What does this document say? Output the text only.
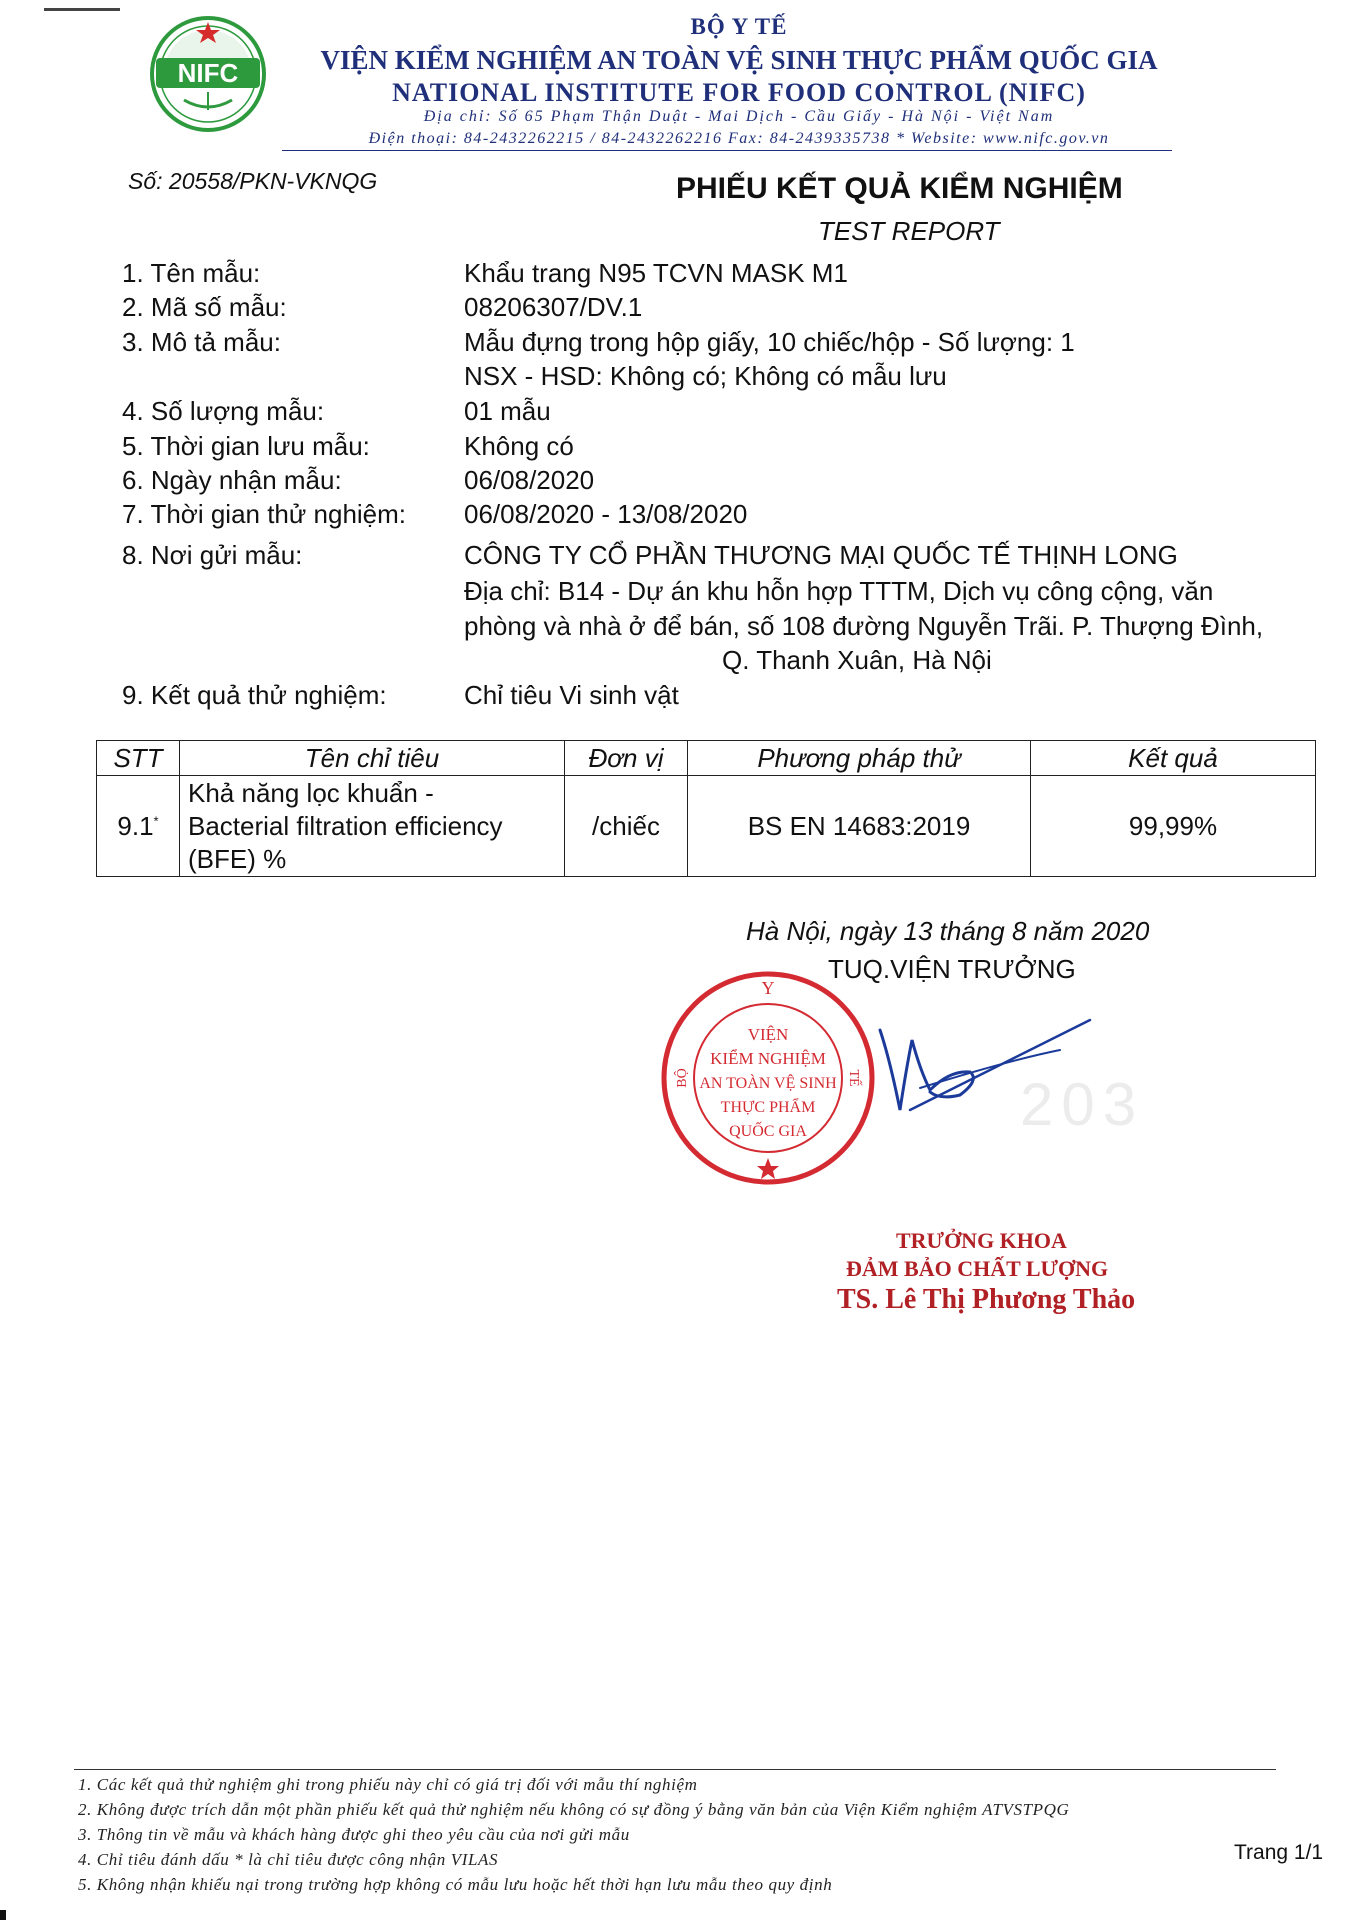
NIFC
BỘ Y TẾ
VIỆN KIỂM NGHIỆM AN TOÀN VỆ SINH THỰC PHẨM QUỐC GIA
NATIONAL INSTITUTE FOR FOOD CONTROL (NIFC)
Địa chỉ: Số 65 Phạm Thận Duật - Mai Dịch - Cầu Giấy - Hà Nội - Việt Nam
Điện thoại: 84-2432262215 / 84-2432262216 Fax: 84-2439335738 * Website: www.nifc.gov.vn
Số: 20558/PKN-VKNQG	PHIẾU KẾT QUẢ KIỂM NGHIỆM
TEST REPORT
1. Tên mẫu:	Khẩu trang N95 TCVN MASK M1
2. Mã số mẫu:	08206307/DV.1
3. Mô tả mẫu:	Mẫu đựng trong hộp giấy, 10 chiếc/hộp - Số lượng: 1
NSX - HSD: Không có; Không có mẫu lưu
4. Số lượng mẫu:	01 mẫu
5. Thời gian lưu mẫu:	Không có
6. Ngày nhận mẫu:	06/08/2020
7. Thời gian thử nghiệm: 06/08/2020 - 13/08/2020
8. Nơi gửi mẫu:	CÔNG TY CỔ PHẦN THƯƠNG MẠI QUỐC TẾ THỊNH LONG
Địa chỉ: B14 - Dự án khu hỗn hợp TTTM, Dịch vụ công cộng, văn
phòng và nhà ở để bán, số 108 đường Nguyễn Trãi. P. Thượng Đình,
Q. Thanh Xuân, Hà Nội
9. Kết quả thử nghiệm:	Chỉ tiêu Vi sinh vật
STT	Tên chỉ tiêu	Đơn vị	Phương pháp thử	Kết quả
9.1*	Khả năng lọc khuẩn -
Bacterial filtration efficiency
(BFE) %	/chiếc	BS EN 14683:2019	99,99%
203
Hà Nội, ngày 13 tháng 8 năm 2020
TUQ.VIỆN TRƯỞNG
Y
BỘ	TẾ
VIỆN
KIỂM NGHIỆM
AN TOÀN VỆ SINH
THỰC PHẨM
QUỐC GIA
TRƯỞNG KHOA
ĐẢM BẢO CHẤT LƯỢNG
TS. Lê Thị Phương Thảo
1. Các kết quả thử nghiệm ghi trong phiếu này chỉ có giá trị đối với mẫu thí nghiệm
2. Không được trích dẫn một phần phiếu kết quả thử nghiệm nếu không có sự đồng ý bằng văn bản của Viện Kiểm nghiệm ATVSTPQG
3. Thông tin về mẫu và khách hàng được ghi theo yêu cầu của nơi gửi mẫu
4. Chỉ tiêu đánh dấu * là chỉ tiêu được công nhận VILAS
5. Không nhận khiếu nại trong trường hợp không có mẫu lưu hoặc hết thời hạn lưu mẫu theo quy định
Trang 1/1
